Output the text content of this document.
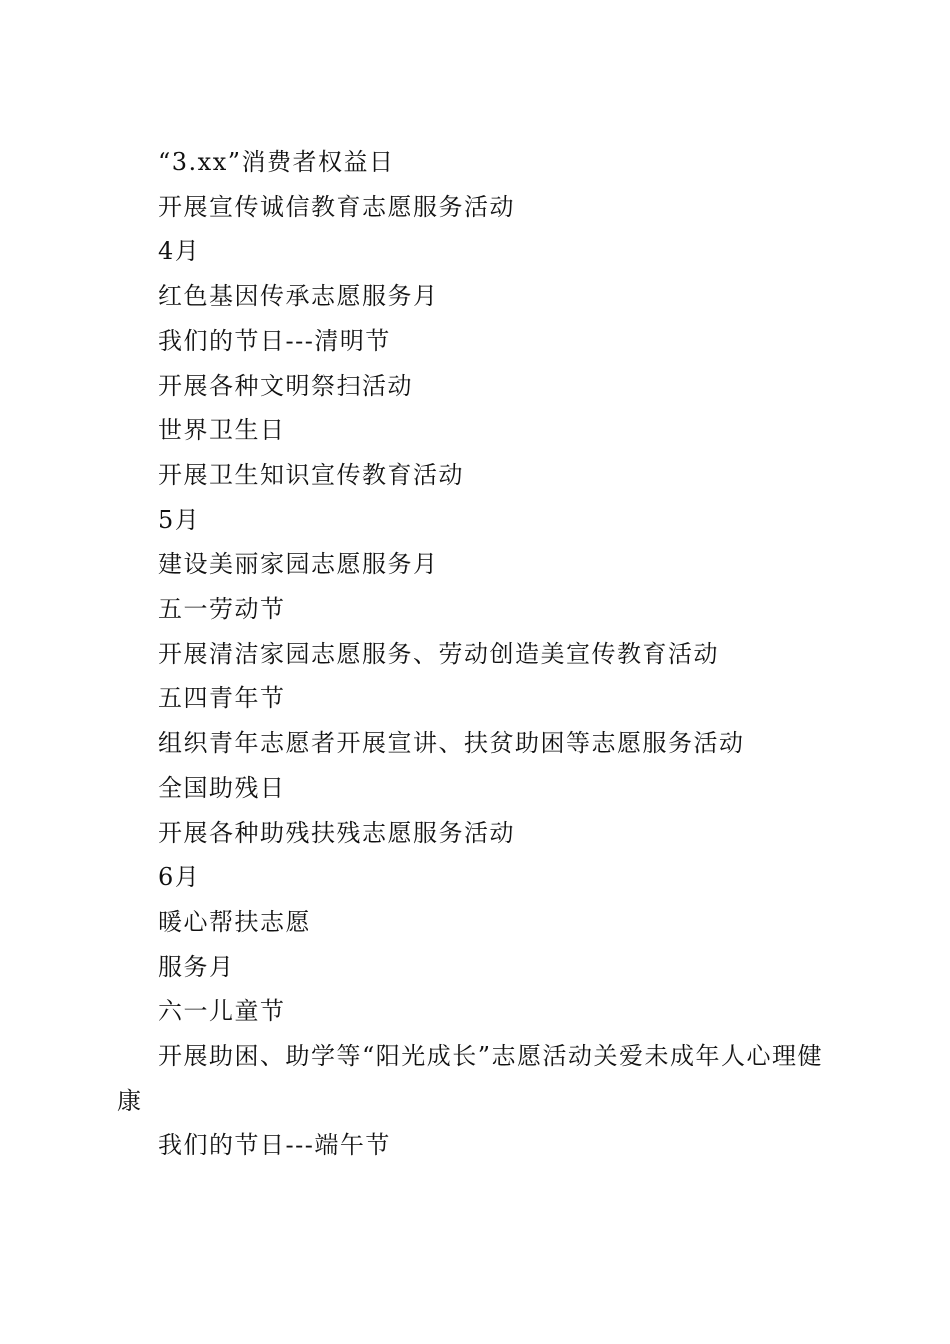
“3.xx”消费者权益日

开展宣传诚信教育志愿服务活动

4月

红色基因传承志愿服务月

我们的节日---清明节

开展各种文明祭扫活动

世界卫生日

开展卫生知识宣传教育活动

5月

建设美丽家园志愿服务月

五一劳动节

开展清洁家园志愿服务、劳动创造美宣传教育活动

五四青年节

组织青年志愿者开展宣讲、扶贫助困等志愿服务活动

全国助残日

开展各种助残扶残志愿服务活动

6月

暖心帮扶志愿

服务月

六一儿童节

开展助困、助学等“阳光成长”志愿活动关爱未成年人心理健康

我们的节日---端午节
